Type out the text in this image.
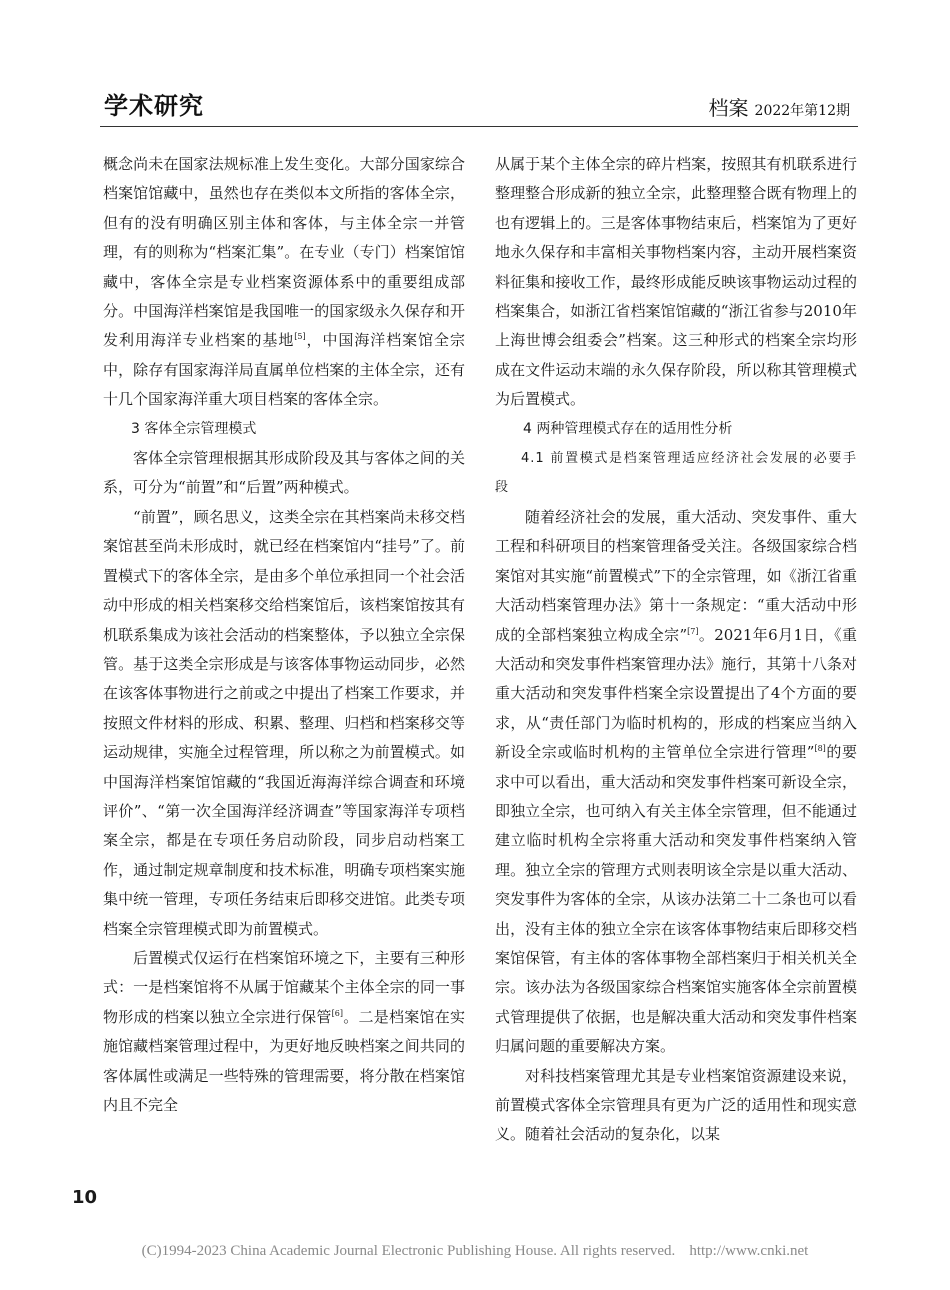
学术研究	档案 2022年第12期

概念尚未在国家法规标准上发生变化。大部分国家综合档案馆馆藏中，虽然也存在类似本文所指的客体全宗，但有的没有明确区别主体和客体，与主体全宗一并管理，有的则称为“档案汇集”。在专业（专门）档案馆馆藏中，客体全宗是专业档案资源体系中的重要组成部分。中国海洋档案馆是我国唯一的国家级永久保存和开发利用海洋专业档案的基地[5]，中国海洋档案馆全宗中，除存有国家海洋局直属单位档案的主体全宗，还有十几个国家海洋重大项目档案的客体全宗。

3 客体全宗管理模式

客体全宗管理根据其形成阶段及其与客体之间的关系，可分为“前置”和“后置”两种模式。

“前置”，顾名思义，这类全宗在其档案尚未移交档案馆甚至尚未形成时，就已经在档案馆内“挂号”了。前置模式下的客体全宗，是由多个单位承担同一个社会活动中形成的相关档案移交给档案馆后，该档案馆按其有机联系集成为该社会活动的档案整体，予以独立全宗保管。基于这类全宗形成是与该客体事物运动同步，必然在该客体事物进行之前或之中提出了档案工作要求，并按照文件材料的形成、积累、整理、归档和档案移交等运动规律，实施全过程管理，所以称之为前置模式。如中国海洋档案馆馆藏的“我国近海海洋综合调查和环境评价”、“第一次全国海洋经济调查”等国家海洋专项档案全宗，都是在专项任务启动阶段，同步启动档案工作，通过制定规章制度和技术标准，明确专项档案实施集中统一管理，专项任务结束后即移交进馆。此类专项档案全宗管理模式即为前置模式。

后置模式仅运行在档案馆环境之下，主要有三种形式：一是档案馆将不从属于馆藏某个主体全宗的同一事物形成的档案以独立全宗进行保管[6]。二是档案馆在实施馆藏档案管理过程中，为更好地反映档案之间共同的客体属性或满足一些特殊的管理需要，将分散在档案馆内且不完全

从属于某个主体全宗的碎片档案，按照其有机联系进行整理整合形成新的独立全宗，此整理整合既有物理上的也有逻辑上的。三是客体事物结束后，档案馆为了更好地永久保存和丰富相关事物档案内容，主动开展档案资料征集和接收工作，最终形成能反映该事物运动过程的档案集合，如浙江省档案馆馆藏的“浙江省参与2010年上海世博会组委会”档案。这三种形式的档案全宗均形成在文件运动末端的永久保存阶段，所以称其管理模式为后置模式。

4 两种管理模式存在的适用性分析
4.1 前置模式是档案管理适应经济社会发展的必要手段

随着经济社会的发展，重大活动、突发事件、重大工程和科研项目的档案管理备受关注。各级国家综合档案馆对其实施“前置模式”下的全宗管理，如《浙江省重大活动档案管理办法》第十一条规定：“重大活动中形成的全部档案独立构成全宗”[7]。2021年6月1日，《重大活动和突发事件档案管理办法》施行，其第十八条对重大活动和突发事件档案全宗设置提出了4个方面的要求，从“责任部门为临时机构的，形成的档案应当纳入新设全宗或临时机构的主管单位全宗进行管理”[8]的要求中可以看出，重大活动和突发事件档案可新设全宗，即独立全宗，也可纳入有关主体全宗管理，但不能通过建立临时机构全宗将重大活动和突发事件档案纳入管理。独立全宗的管理方式则表明该全宗是以重大活动、突发事件为客体的全宗，从该办法第二十二条也可以看出，没有主体的独立全宗在该客体事物结束后即移交档案馆保管，有主体的客体事物全部档案归于相关机关全宗。该办法为各级国家综合档案馆实施客体全宗前置模式管理提供了依据，也是解决重大活动和突发事件档案归属问题的重要解决方案。

对科技档案管理尤其是专业档案馆资源建设来说，前置模式客体全宗管理具有更为广泛的适用性和现实意义。随着社会活动的复杂化，以某

10
(C)1994-2023 China Academic Journal Electronic Publishing House. All rights reserved. http://www.cnki.net
